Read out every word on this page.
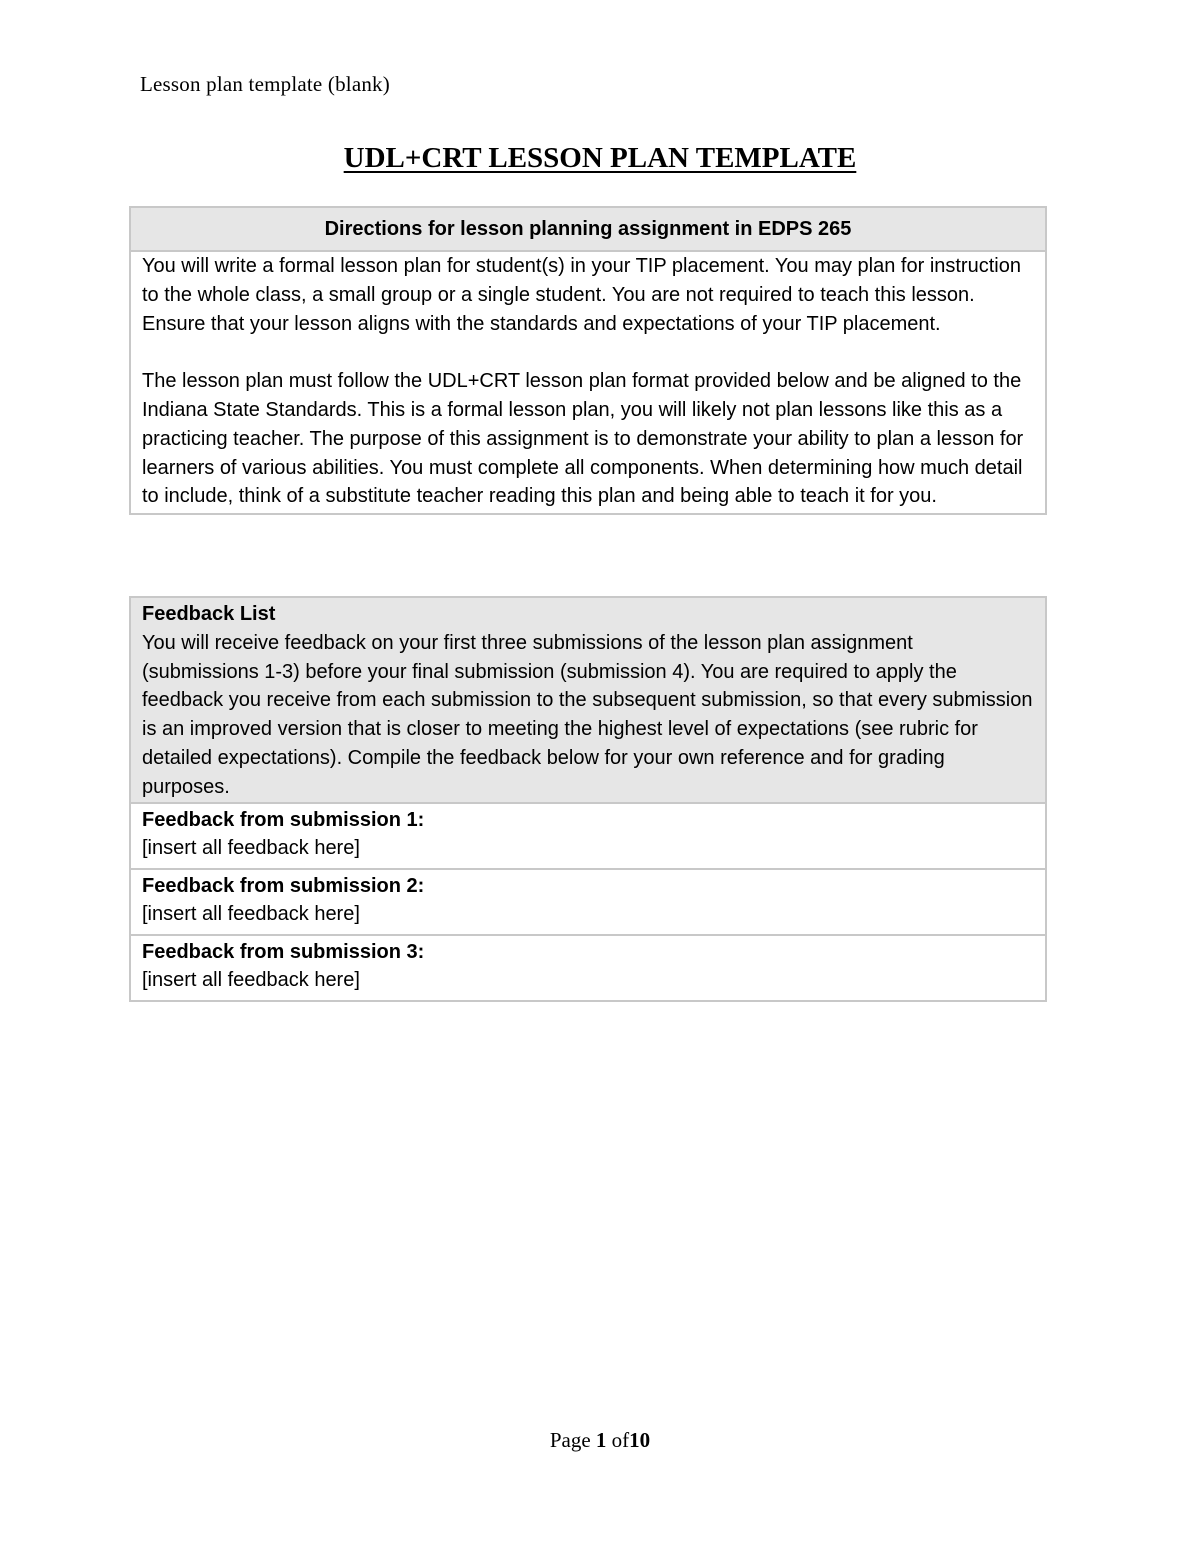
Lesson plan template (blank)
UDL+CRT LESSON PLAN TEMPLATE
Directions for lesson planning assignment in EDPS 265

You will write a formal lesson plan for student(s) in your TIP placement. You may plan for instruction to the whole class, a small group or a single student. You are not required to teach this lesson. Ensure that your lesson aligns with the standards and expectations of your TIP placement.

The lesson plan must follow the UDL+CRT lesson plan format provided below and be aligned to the Indiana State Standards. This is a formal lesson plan, you will likely not plan lessons like this as a practicing teacher. The purpose of this assignment is to demonstrate your ability to plan a lesson for learners of various abilities. You must complete all components. When determining how much detail to include, think of a substitute teacher reading this plan and being able to teach it for you.

Feedback List
You will receive feedback on your first three submissions of the lesson plan assignment (submissions 1-3) before your final submission (submission 4). You are required to apply the feedback you receive from each submission to the subsequent submission, so that every submission is an improved version that is closer to meeting the highest level of expectations (see rubric for detailed expectations). Compile the feedback below for your own reference and for grading purposes.

Feedback from submission 1:
[insert all feedback here]

Feedback from submission 2:
[insert all feedback here]

Feedback from submission 3:
[insert all feedback here]
Page 1 of10
